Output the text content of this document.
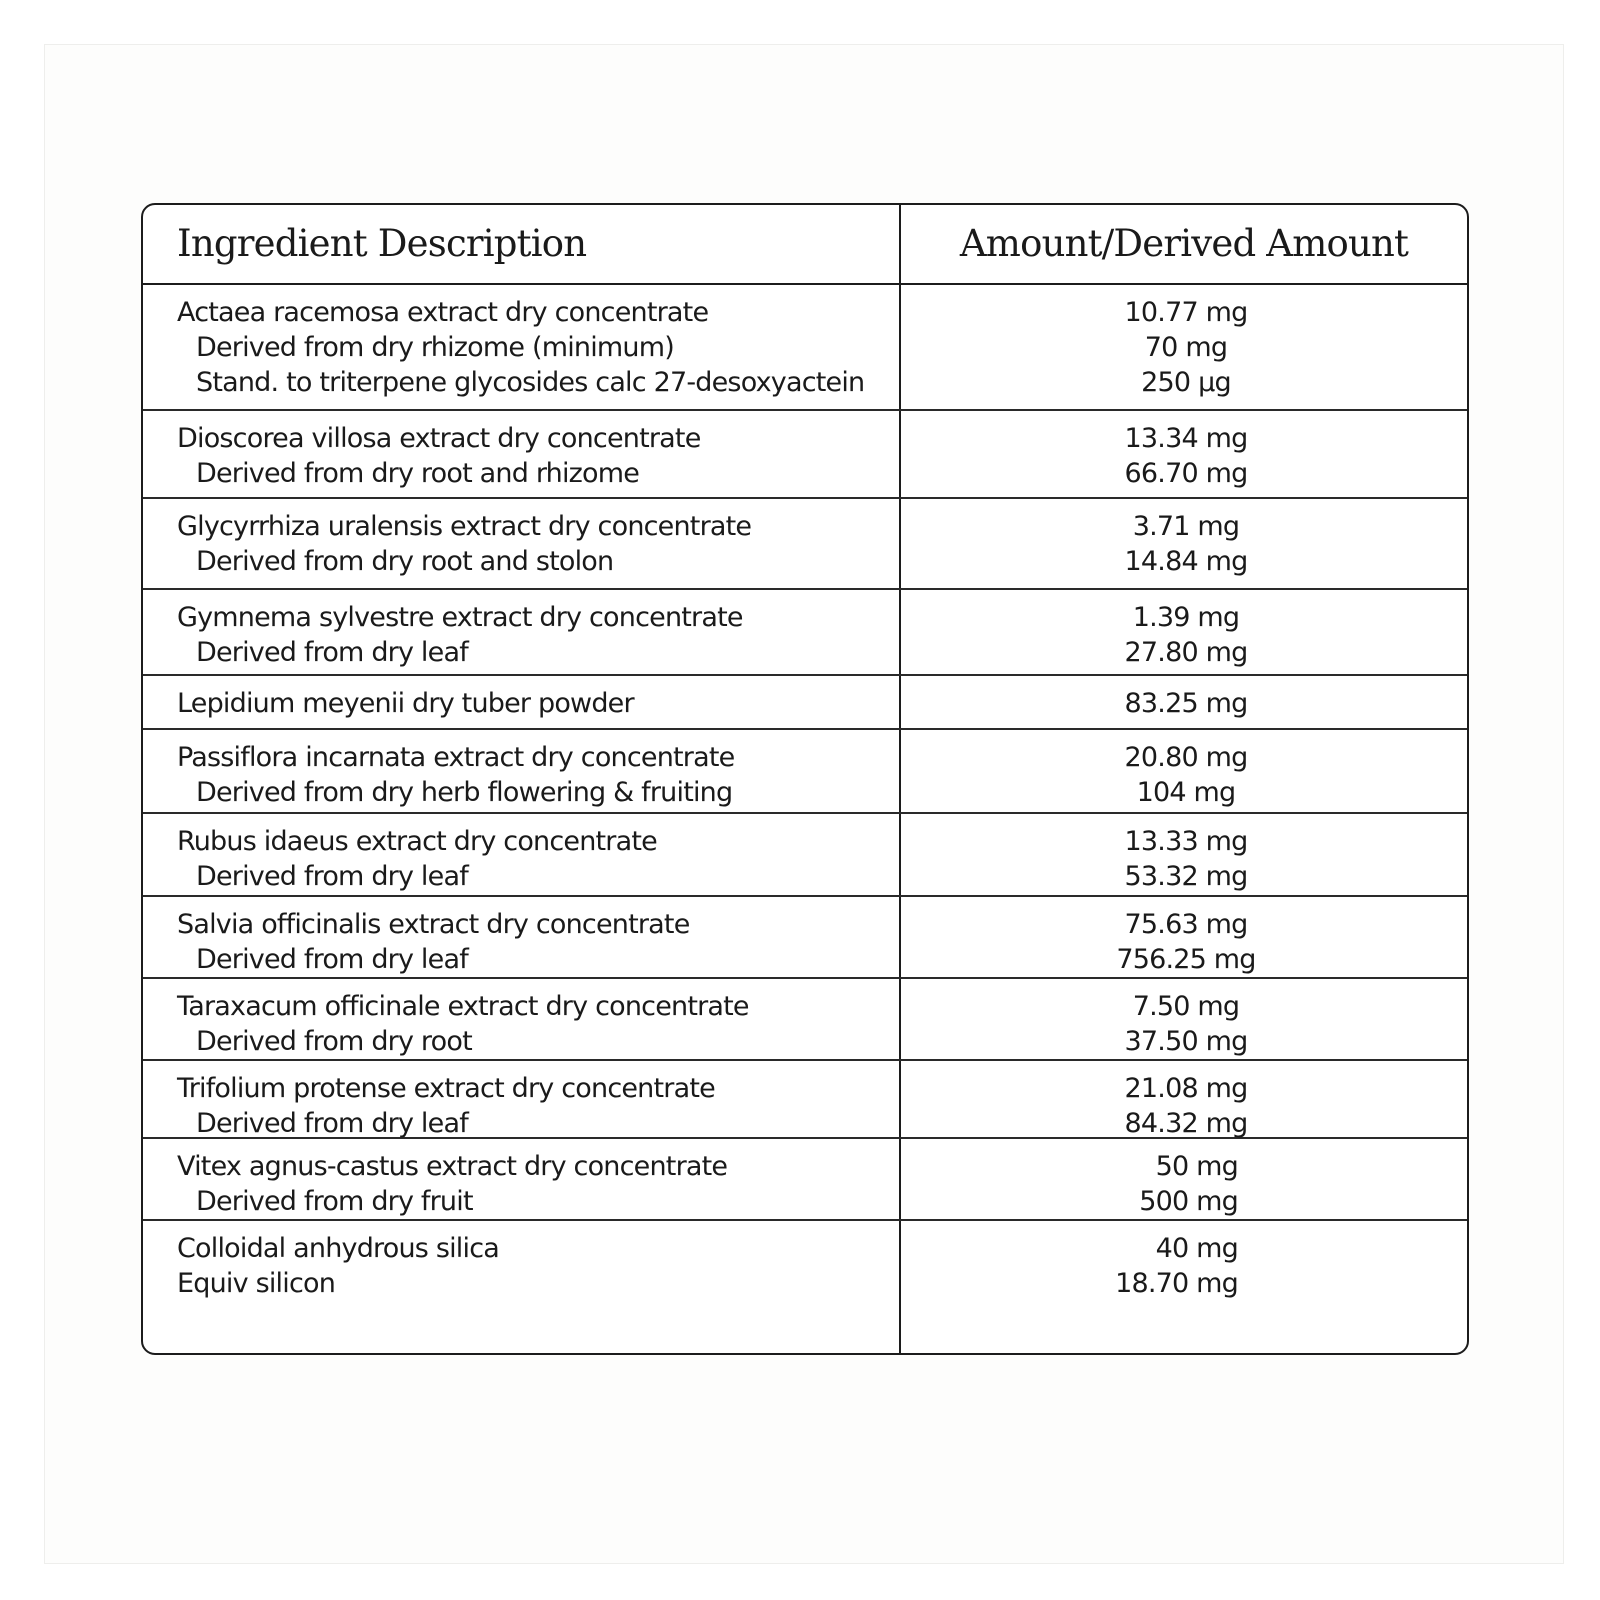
Ingredient Description	Amount/Derived Amount
Actaea racemosa extract dry concentrate
Derived from dry rhizome (minimum)
Stand. to triterpene glycosides calc 27-desoxyactein
10.77 mg
70 mg
250 µg
Dioscorea villosa extract dry concentrate
Derived from dry root and rhizome
13.34 mg
66.70 mg
Glycyrrhiza uralensis extract dry concentrate
Derived from dry root and stolon
3.71 mg
14.84 mg
Gymnema sylvestre extract dry concentrate
Derived from dry leaf
1.39 mg
27.80 mg
Lepidium meyenii dry tuber powder	83.25 mg
Passiflora incarnata extract dry concentrate
Derived from dry herb flowering & fruiting
20.80 mg
104 mg
Rubus idaeus extract dry concentrate
Derived from dry leaf
13.33 mg
53.32 mg
Salvia officinalis extract dry concentrate
Derived from dry leaf
75.63 mg
756.25 mg
Taraxacum officinale extract dry concentrate
Derived from dry root
7.50 mg
37.50 mg
Trifolium protense extract dry concentrate
Derived from dry leaf
21.08 mg
84.32 mg
Vitex agnus-castus extract dry concentrate
Derived from dry fruit
50 mg
500 mg
Colloidal anhydrous silica
Equiv silicon
40 mg
18.70 mg
